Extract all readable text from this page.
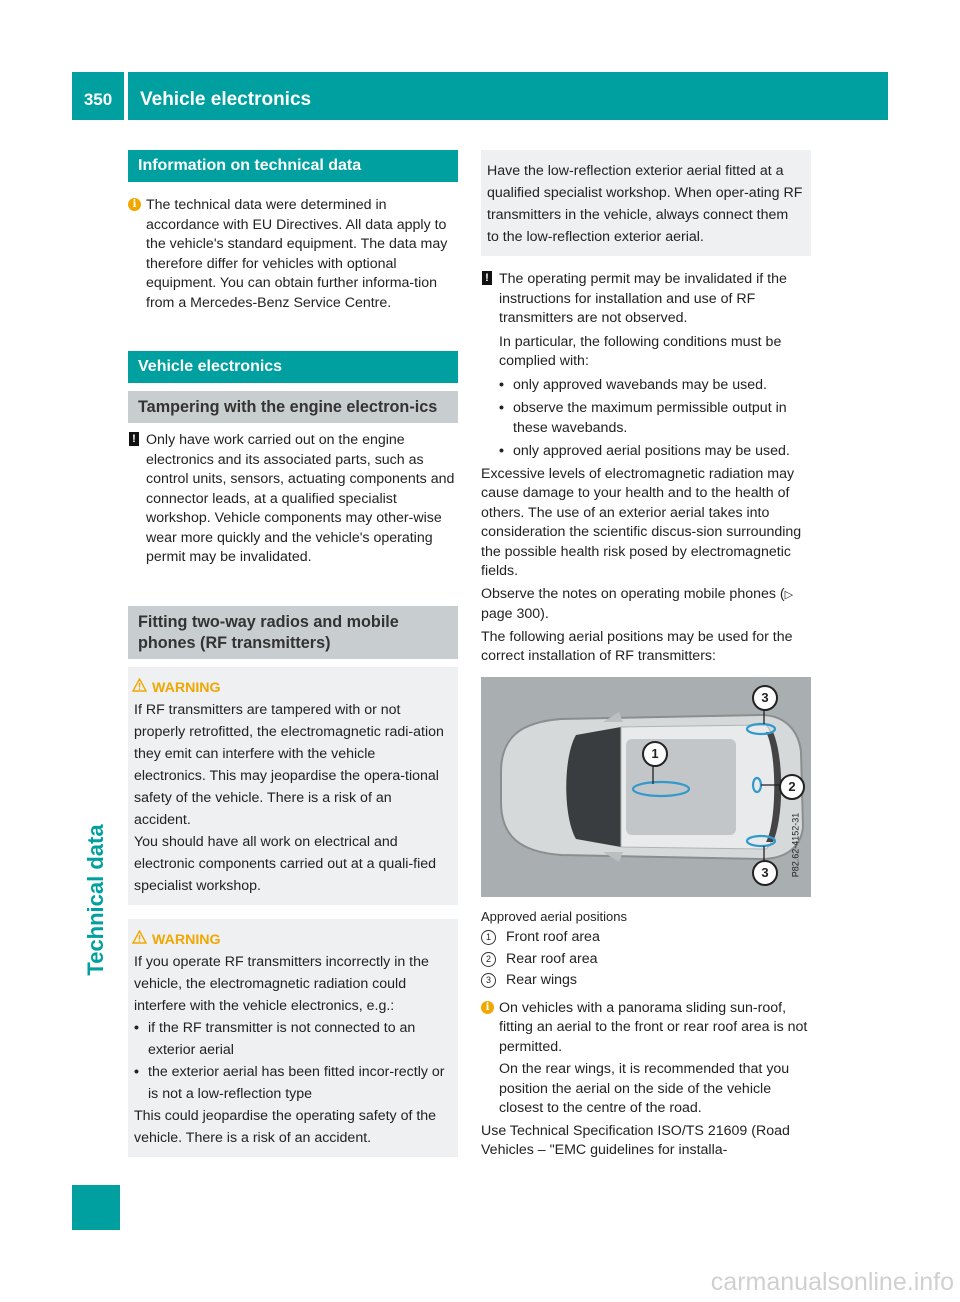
350	Vehicle electronics
Technical data
Information on technical data
i The technical data were determined in accordance with EU Directives. All data apply to the vehicle's standard equipment. The data may therefore differ for vehicles with optional equipment. You can obtain further informa-tion from a Mercedes-Benz Service Centre.
Vehicle electronics
Tampering with the engine electron-ics
! Only have work carried out on the engine electronics and its associated parts, such as control units, sensors, actuating components and connector leads, at a qualified specialist workshop. Vehicle components may other-wise wear more quickly and the vehicle's operating permit may be invalidated.
Fitting two-way radios and mobile phones (RF transmitters)
WARNING
If RF transmitters are tampered with or not properly retrofitted, the electromagnetic radi-ation they emit can interfere with the vehicle electronics. This may jeopardise the opera-tional safety of the vehicle. There is a risk of an accident.
You should have all work on electrical and electronic components carried out at a quali-fied specialist workshop.
WARNING
If you operate RF transmitters incorrectly in the vehicle, the electromagnetic radiation could interfere with the vehicle electronics, e.g.:
• if the RF transmitter is not connected to an exterior aerial
• the exterior aerial has been fitted incor-rectly or is not a low-reflection type
This could jeopardise the operating safety of the vehicle. There is a risk of an accident.
Have the low-reflection exterior aerial fitted at a qualified specialist workshop. When oper-ating RF transmitters in the vehicle, always connect them to the low-reflection exterior aerial.
! The operating permit may be invalidated if the instructions for installation and use of RF transmitters are not observed.
In particular, the following conditions must be complied with:
• only approved wavebands may be used.
• observe the maximum permissible output in these wavebands.
• only approved aerial positions may be used.
Excessive levels of electromagnetic radiation may cause damage to your health and to the health of others. The use of an exterior aerial takes into consideration the scientific discus-sion surrounding the possible health risk posed by electromagnetic fields.
Observe the notes on operating mobile phones (▷ page 300).
The following aerial positions may be used for the correct installation of RF transmitters:
1
2
3
3	P82.62-4152-31
Approved aerial positions
1 Front roof area
2 Rear roof area
3 Rear wings
i On vehicles with a panorama sliding sun-roof, fitting an aerial to the front or rear roof area is not permitted.
On the rear wings, it is recommended that you position the aerial on the side of the vehicle closest to the centre of the road.
Use Technical Specification ISO/TS 21609 (Road Vehicles – "EMC guidelines for installa-
carmanualsonline.info
